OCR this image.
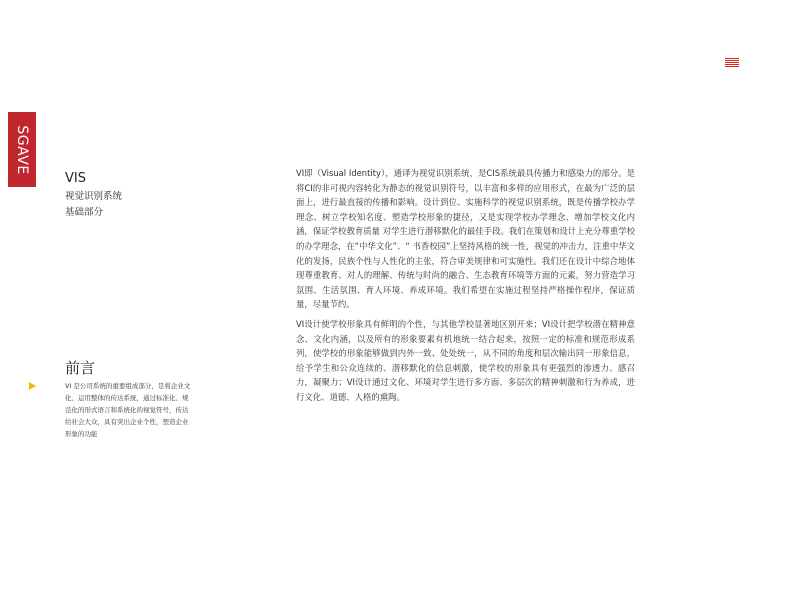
SGAVE
VIS

视觉识别系统

基础部分

前言

VI 是公司系统的重要组成部分，是将企业文化、运用整体的传达系统，通过标准化、规范化的形式语言和系统化的视觉符号，传达给社会大众，具有突出企业个性，塑造企业形象的功能

VI即（Visual Identity），通译为视觉识别系统，是CIS系统最具传播力和感染力的部分。是将CI的非可视内容转化为静态的视觉识别符号，以丰富和多样的应用形式，在最为广泛的层面上，进行最直接的传播和影响。设计到位、实施科学的视觉识别系统，既是传播学校办学理念、树立学校知名度、塑造学校形象的捷径，又是实现学校办学理念、增加学校文化内涵，保证学校教育质量 对学生进行潜移默化的最佳手段。我们在策划和设计上充分尊重学校的办学理念，在“中华文化”、“ 书香校园”上坚持风格的统一性，视觉的冲击力，注重中华文化的发扬，民族个性与人性化的主张，符合审美规律和可实施性。我们还在设计中综合地体现尊重教育、对人的理解、传统与时尚的融合、生态教育环境等方面的元素，努力营造学习氛围、生活氛围、育人环境、养成环境。我们希望在实施过程坚持严格操作程序，保证质量，尽量节约。

VI设计使学校形象具有鲜明的个性，与其他学校显著地区别开来；VI设计把学校潜在精神意念、文化内涵，以及所有的形象要素有机地统一结合起来，按照一定的标准和规范形成系列，使学校的形象能够做到内外一致、处处统一，从不同的角度和层次输出同一形象信息，给予学生和公众连续的、潜移默化的信息刺激，使学校的形象具有更强烈的渗透力、感召力，凝聚力；VI设计通过文化、环境对学生进行多方面、多层次的精神刺激和行为养成，进行文化、道德、人格的熏陶。
